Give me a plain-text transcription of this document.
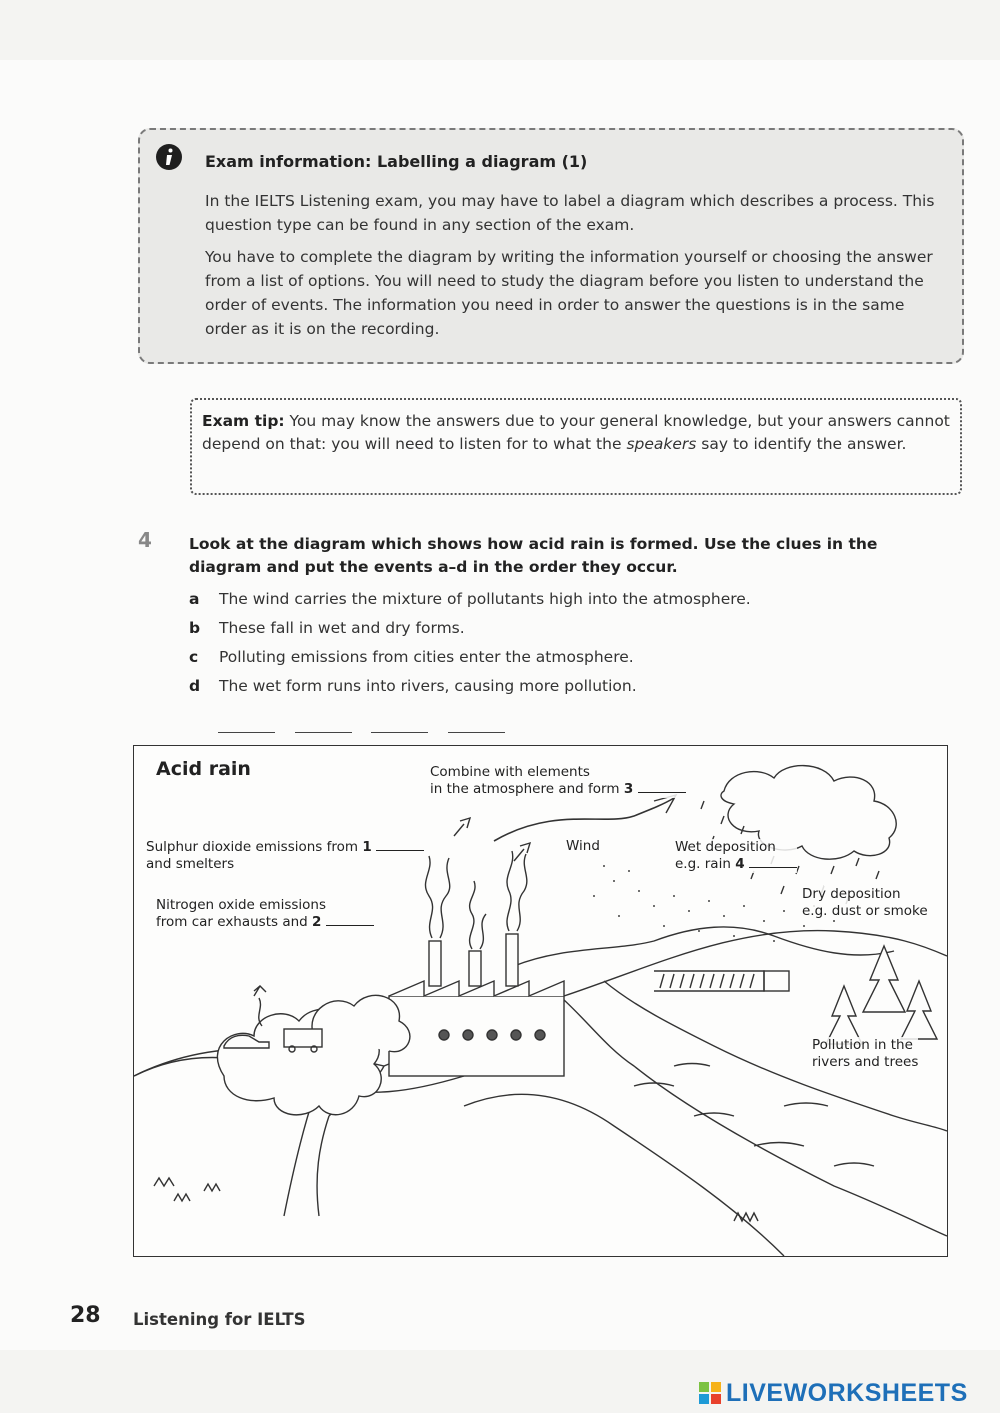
Exam information: Labelling a diagram (1)

In the IELTS Listening exam, you may have to label a diagram which describes a process. This question type can be found in any section of the exam.

You have to complete the diagram by writing the information yourself or choosing the answer from a list of options. You will need to study the diagram before you listen to understand the order of events. The information you need in order to answer the questions is in the same order as it is on the recording.

Exam tip: You may know the answers due to your general knowledge, but your answers cannot depend on that: you will need to listen for to what the speakers say to identify the answer.

4 Look at the diagram which shows how acid rain is formed. Use the clues in the diagram and put the events a–d in the order they occur.

a The wind carries the mixture of pollutants high into the atmosphere.
b These fall in wet and dry forms.
c Polluting emissions from cities enter the atmosphere.
d The wet form runs into rivers, causing more pollution.
Acid rain	Combine with elements
in the atmosphere and form 3
Sulphur dioxide emissions from 1
and smelters
Nitrogen oxide emissions
from car exhausts and 2
Wind	Wet deposition
e.g. rain 4
Dry deposition
e.g. dust or smoke
Pollution in the
rivers and trees
28 Listening for IELTS
LIVEWORKSHEETS
